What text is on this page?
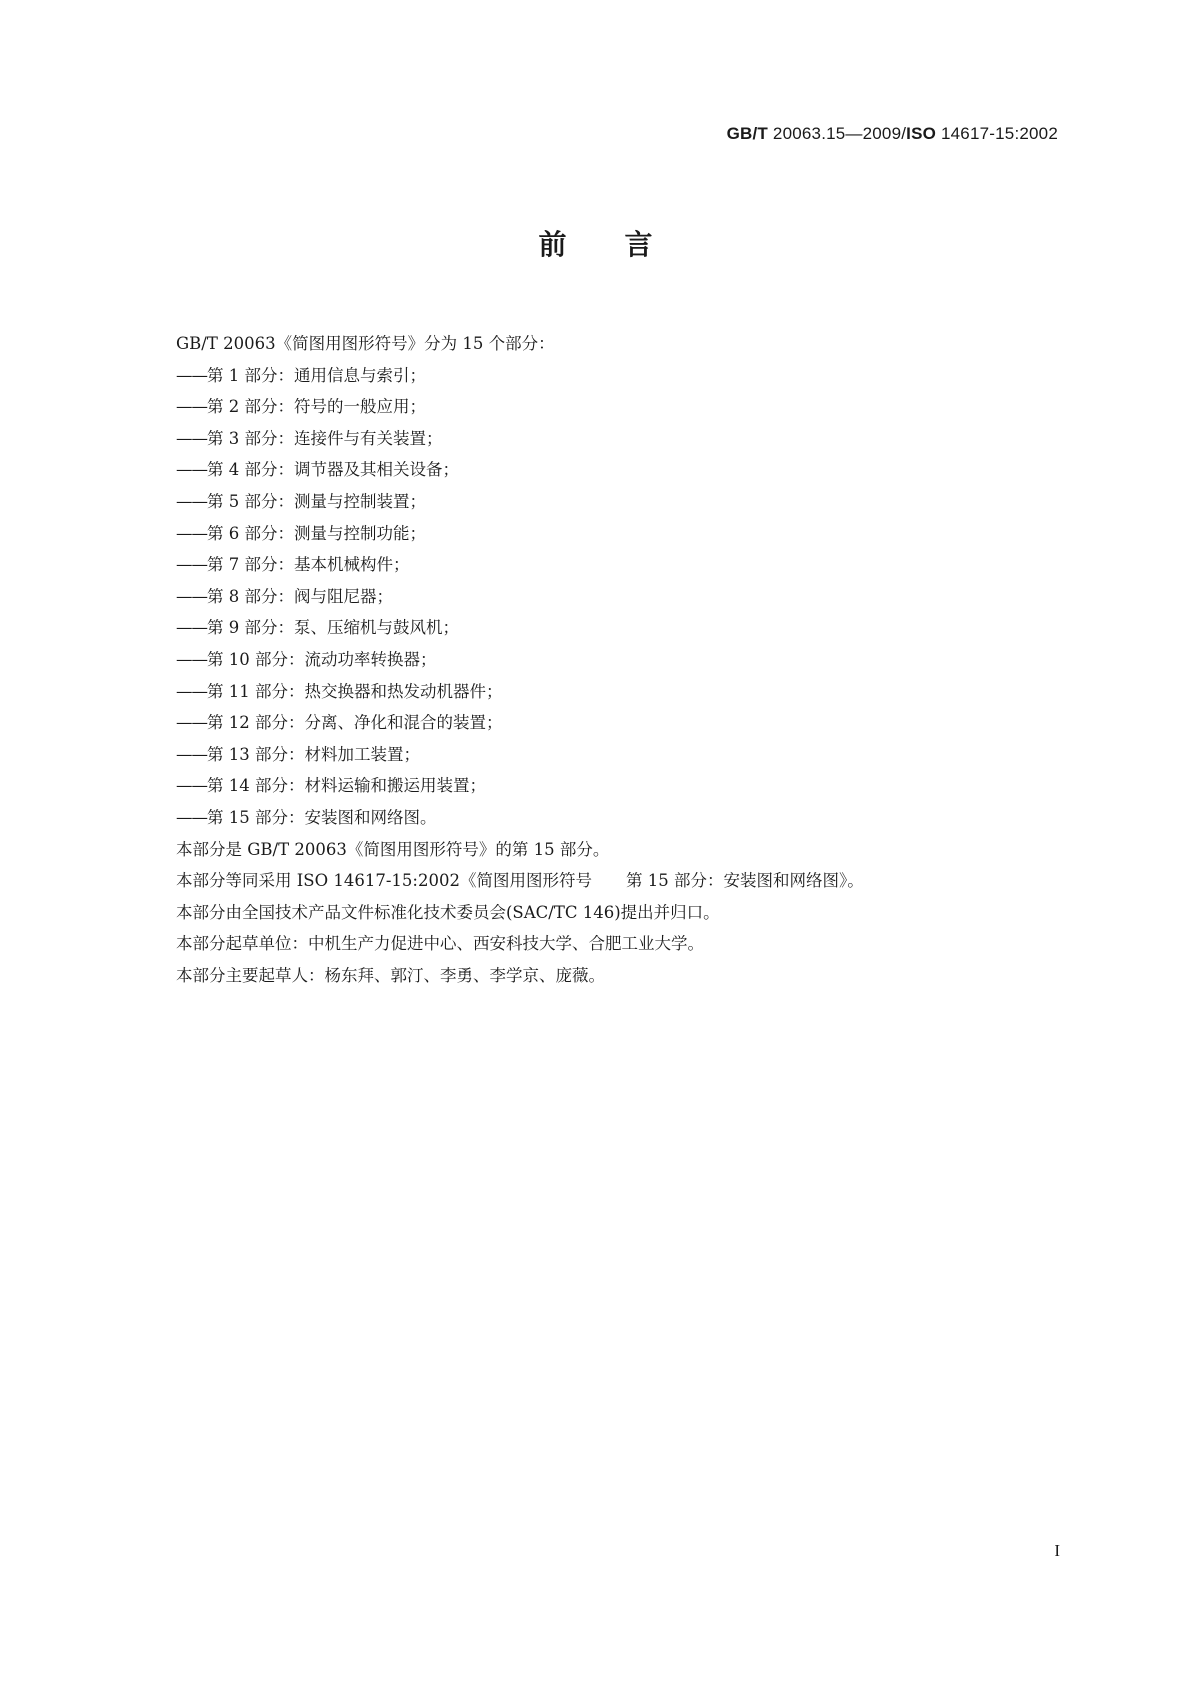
GB/T 20063.15—2009/ISO 14617-15:2002
前言

GB/T 20063《简图用图形符号》分为 15 个部分：

——第 1 部分：通用信息与索引；

——第 2 部分：符号的一般应用；

——第 3 部分：连接件与有关装置；

——第 4 部分：调节器及其相关设备；

——第 5 部分：测量与控制装置；

——第 6 部分：测量与控制功能；

——第 7 部分：基本机械构件；

——第 8 部分：阀与阻尼器；

——第 9 部分：泵、压缩机与鼓风机；

——第 10 部分：流动功率转换器；

——第 11 部分：热交换器和热发动机器件；

——第 12 部分：分离、净化和混合的装置；

——第 13 部分：材料加工装置；

——第 14 部分：材料运输和搬运用装置；

——第 15 部分：安装图和网络图。

本部分是 GB/T 20063《简图用图形符号》的第 15 部分。

本部分等同采用 ISO 14617-15:2002《简图用图形符号 第 15 部分：安装图和网络图》。

本部分由全国技术产品文件标准化技术委员会(SAC/TC 146)提出并归口。

本部分起草单位：中机生产力促进中心、西安科技大学、合肥工业大学。

本部分主要起草人：杨东拜、郭汀、李勇、李学京、庞薇。

I
